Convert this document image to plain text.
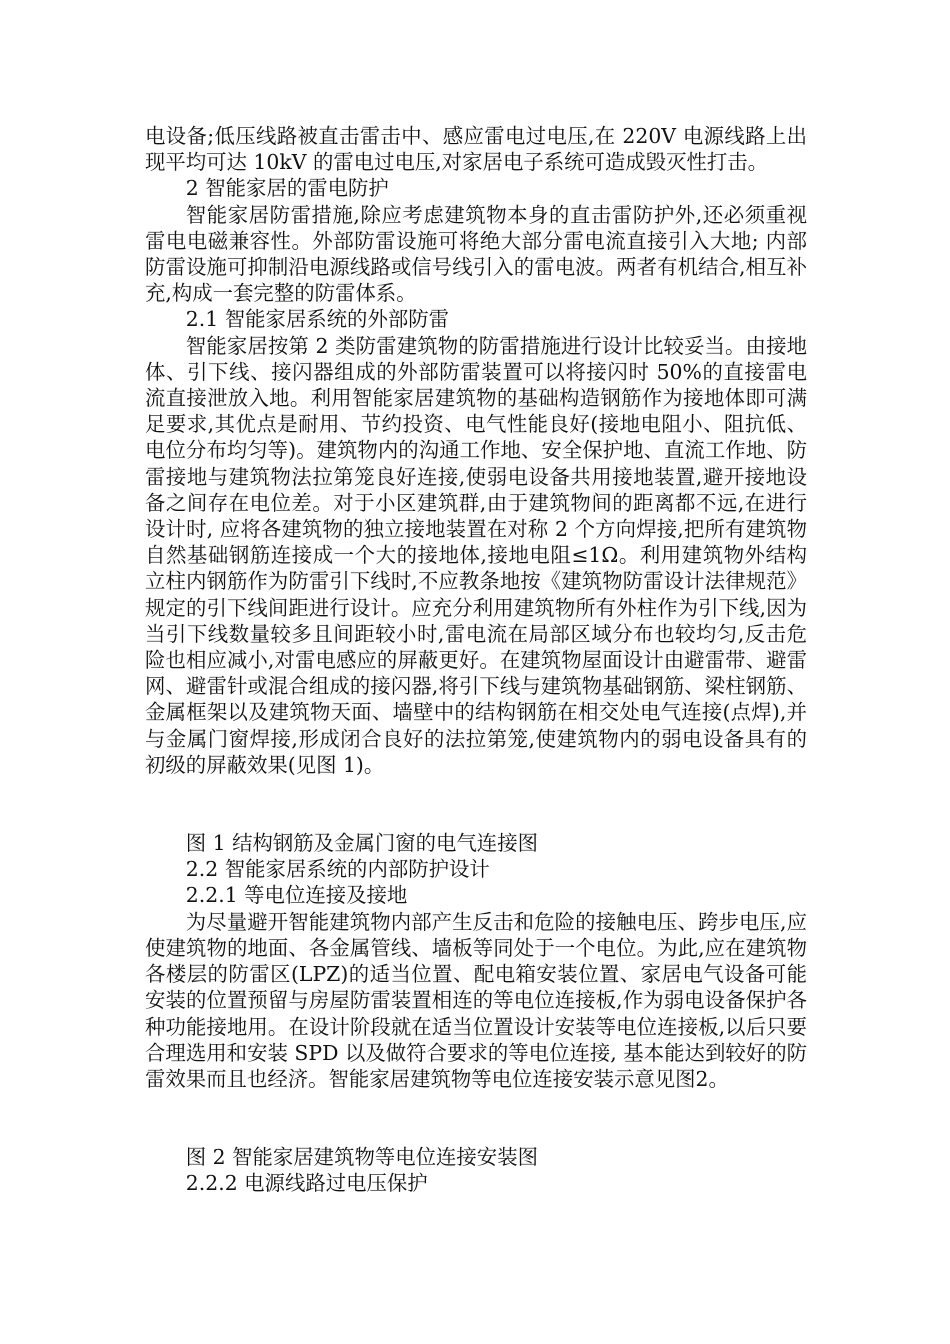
电设备;低压线路被直击雷击中、感应雷电过电压,在 220V 电源线路上出现平均可达 10kV 的雷电过电压,对家居电子系统可造成毁灭性打击。

2 智能家居的雷电防护

智能家居防雷措施,除应考虑建筑物本身的直击雷防护外,还必须重视雷电电磁兼容性。外部防雷设施可将绝大部分雷电流直接引入大地; 内部防雷设施可抑制沿电源线路或信号线引入的雷电波。两者有机结合,相互补充,构成一套完整的防雷体系。

2.1 智能家居系统的外部防雷

智能家居按第 2 类防雷建筑物的防雷措施进行设计比较妥当。由接地体、引下线、接闪器组成的外部防雷装置可以将接闪时 50%的直接雷电流直接泄放入地。利用智能家居建筑物的基础构造钢筋作为接地体即可满足要求,其优点是耐用、节约投资、电气性能良好(接地电阻小、阻抗低、电位分布均匀等)。建筑物内的沟通工作地、安全保护地、直流工作地、防雷接地与建筑物法拉第笼良好连接,使弱电设备共用接地装置,避开接地设备之间存在电位差。对于小区建筑群,由于建筑物间的距离都不远,在进行设计时, 应将各建筑物的独立接地装置在对称 2 个方向焊接,把所有建筑物自然基础钢筋连接成一个大的接地体,接地电阻≤1Ω。利用建筑物外结构立柱内钢筋作为防雷引下线时,不应教条地按《建筑物防雷设计法律规范》规定的引下线间距进行设计。应充分利用建筑物所有外柱作为引下线,因为当引下线数量较多且间距较小时,雷电流在局部区域分布也较均匀,反击危险也相应减小,对雷电感应的屏蔽更好。在建筑物屋面设计由避雷带、避雷网、避雷针或混合组成的接闪器,将引下线与建筑物基础钢筋、梁柱钢筋、金属框架以及建筑物天面、墙壁中的结构钢筋在相交处电气连接(点焊),并与金属门窗焊接,形成闭合良好的法拉第笼,使建筑物内的弱电设备具有的初级的屏蔽效果(见图 1)。

图 1 结构钢筋及金属门窗的电气连接图

2.2 智能家居系统的内部防护设计

2.2.1 等电位连接及接地

为尽量避开智能建筑物内部产生反击和危险的接触电压、跨步电压,应使建筑物的地面、各金属管线、墙板等同处于一个电位。为此,应在建筑物各楼层的防雷区(LPZ)的适当位置、配电箱安装位置、家居电气设备可能安装的位置预留与房屋防雷装置相连的等电位连接板,作为弱电设备保护各种功能接地用。在设计阶段就在适当位置设计安装等电位连接板,以后只要合理选用和安装 SPD 以及做符合要求的等电位连接, 基本能达到较好的防雷效果而且也经济。智能家居建筑物等电位连接安装示意见图2。

图 2 智能家居建筑物等电位连接安装图

2.2.2 电源线路过电压保护
